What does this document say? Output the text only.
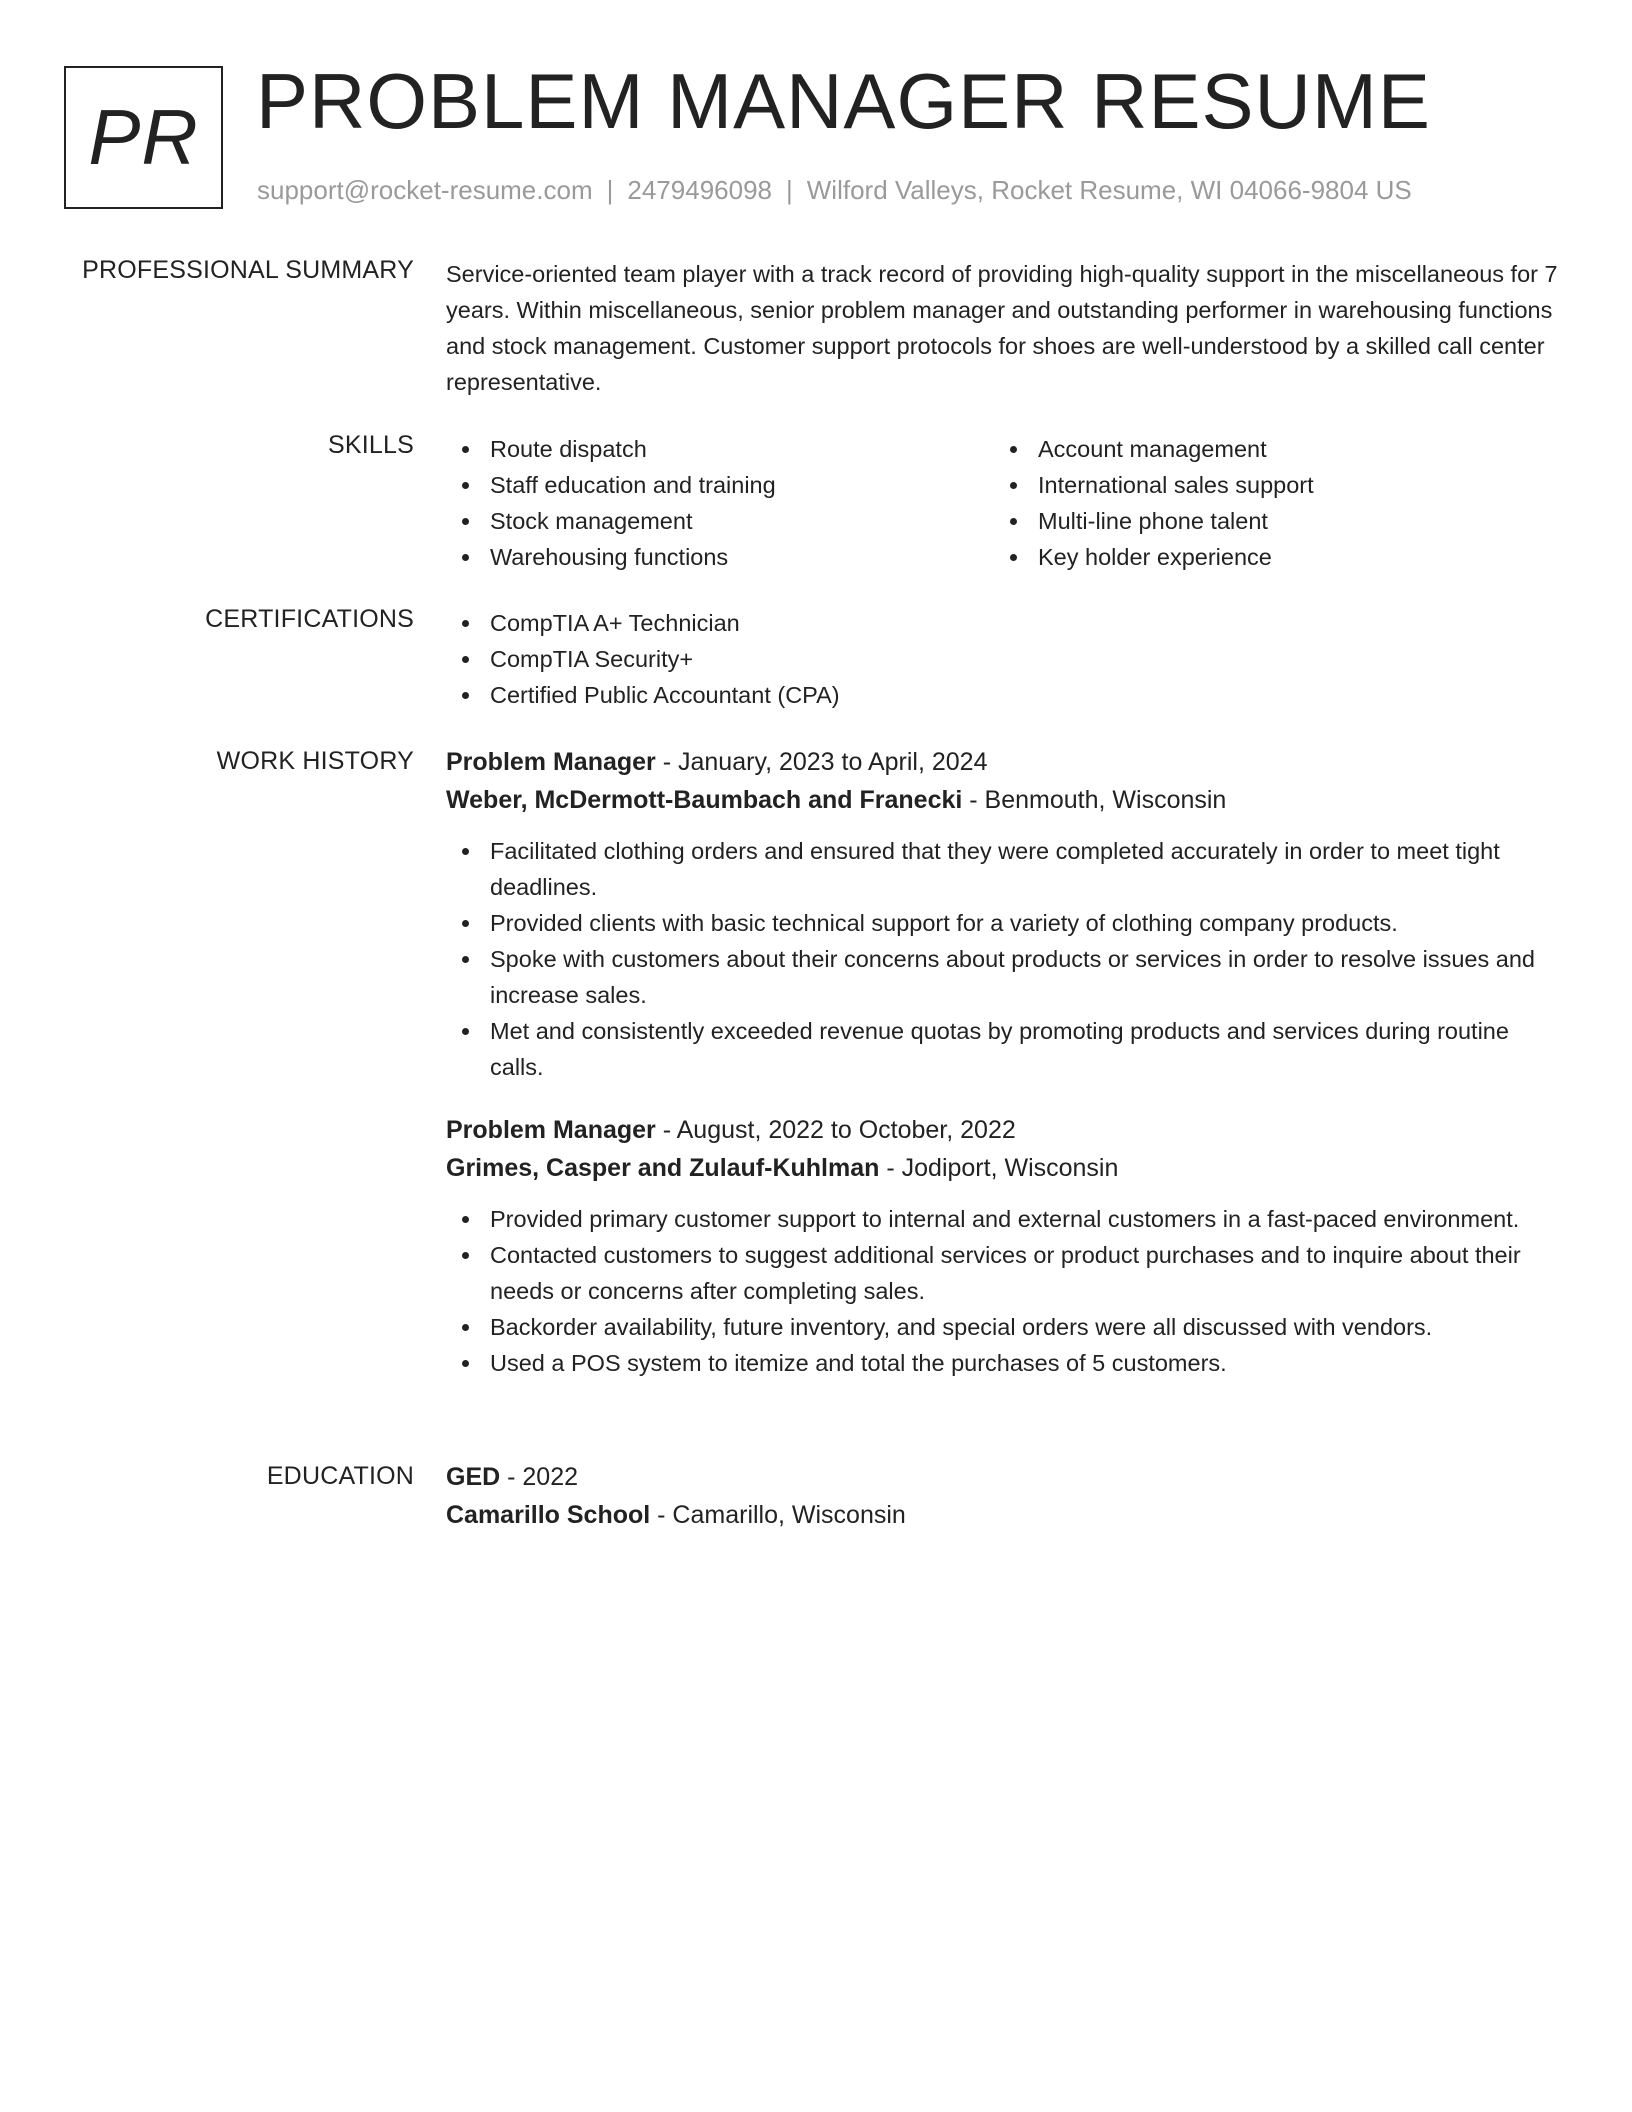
PR PROBLEM MANAGER RESUME
support@rocket-resume.com | 2479496098 | Wilford Valleys, Rocket Resume, WI 04066-9804 US
PROFESSIONAL SUMMARY Service-oriented team player with a track record of providing high-quality support in the miscellaneous for 7 years. Within miscellaneous, senior problem manager and outstanding performer in warehousing functions and stock management. Customer support protocols for shoes are well-understood by a skilled call center representative.
SKILLS	Route dispatch
Staff education and training
Stock management
Warehousing functions
Account management
International sales support
Multi-line phone talent
Key holder experience
CERTIFICATIONS	CompTIA A+ Technician
CompTIA Security+
Certified Public Accountant (CPA)
WORK HISTORY Problem Manager - January, 2023 to April, 2024
Weber, McDermott-Baumbach and Franecki - Benmouth, Wisconsin
Facilitated clothing orders and ensured that they were completed accurately in order to meet tight deadlines.
Provided clients with basic technical support for a variety of clothing company products.
Spoke with customers about their concerns about products or services in order to resolve issues and increase sales.
Met and consistently exceeded revenue quotas by promoting products and services during routine calls.
Problem Manager - August, 2022 to October, 2022
Grimes, Casper and Zulauf-Kuhlman - Jodiport, Wisconsin
Provided primary customer support to internal and external customers in a fast-paced environment.
Contacted customers to suggest additional services or product purchases and to inquire about their needs or concerns after completing sales.
Backorder availability, future inventory, and special orders were all discussed with vendors.
Used a POS system to itemize and total the purchases of 5 customers.
EDUCATION GED - 2022
Camarillo School - Camarillo, Wisconsin
